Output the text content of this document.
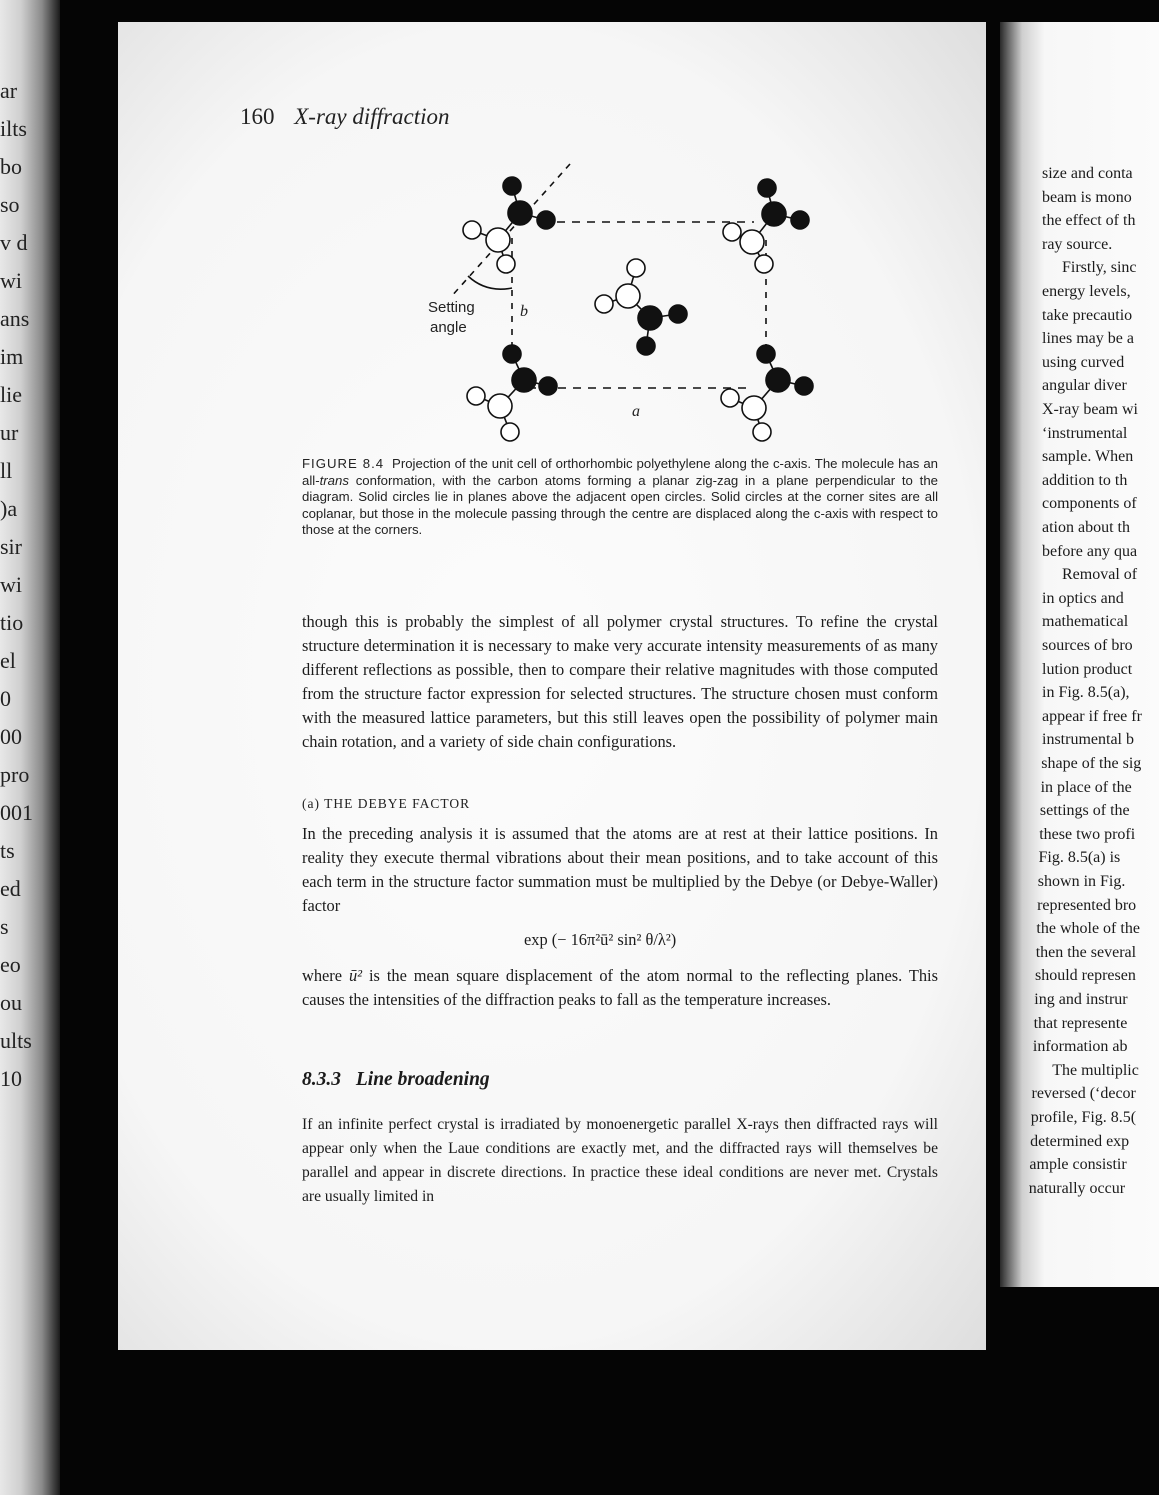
ar
ilts
bo
so
v d
wi
ans
im
lie
ur
ll
)a
sir
wi
tio
el
0
00
pro
001
ts
ed
s
eo
ou
ults
10
size and conta
beam is mono
the effect of th
ray source.
Firstly, sinc
energy levels,
take precautio
lines may be a
using curved
angular diver
X-ray beam wi
‘instrumental
sample. When
addition to th
components of
ation about th
before any qua
Removal of
in optics and
mathematical
sources of bro
lution product
in Fig. 8.5(a),
appear if free fr
instrumental b
shape of the sig
in place of the
settings of the
these two profi
Fig. 8.5(a) is
shown in Fig.
represented bro
the whole of the
then the several
should represen
ing and instrur
that represente
information ab
The multiplic
reversed (‘decor
profile, Fig. 8.5(
determined exp
ample consistir
naturally occur
160 X-ray diffraction
Setting
angle
b
a
FIGURE 8.4 Projection of the unit cell of orthorhombic polyethylene along the c-axis. The molecule has an all-trans conformation, with the carbon atoms forming a planar zig-zag in a plane perpendicular to the diagram. Solid circles lie in planes above the adjacent open circles. Solid circles at the corner sites are all coplanar, but those in the molecule passing through the centre are displaced along the c-axis with respect to those at the corners.
though this is probably the simplest of all polymer crystal structures. To refine the crystal structure determination it is necessary to make very accurate intensity measurements of as many different reflections as possible, then to compare their relative magnitudes with those computed from the structure factor expression for selected structures. The structure chosen must conform with the measured lattice parameters, but this still leaves open the possibility of polymer main chain rotation, and a variety of side chain configurations.
(a) THE DEBYE FACTOR
In the preceding analysis it is assumed that the atoms are at rest at their lattice positions. In reality they execute thermal vibrations about their mean positions, and to take account of this each term in the structure factor summation must be multiplied by the Debye (or Debye-Waller) factor
exp (− 16π²ū² sin² θ/λ²)
where ū² is the mean square displacement of the atom normal to the reflecting planes. This causes the intensities of the diffraction peaks to fall as the temperature increases.
8.3.3 Line broadening
If an infinite perfect crystal is irradiated by monoenergetic parallel X-rays then diffracted rays will appear only when the Laue conditions are exactly met, and the diffracted rays will themselves be parallel and appear in discrete directions. In practice these ideal conditions are never met. Crystals are usually limited in
